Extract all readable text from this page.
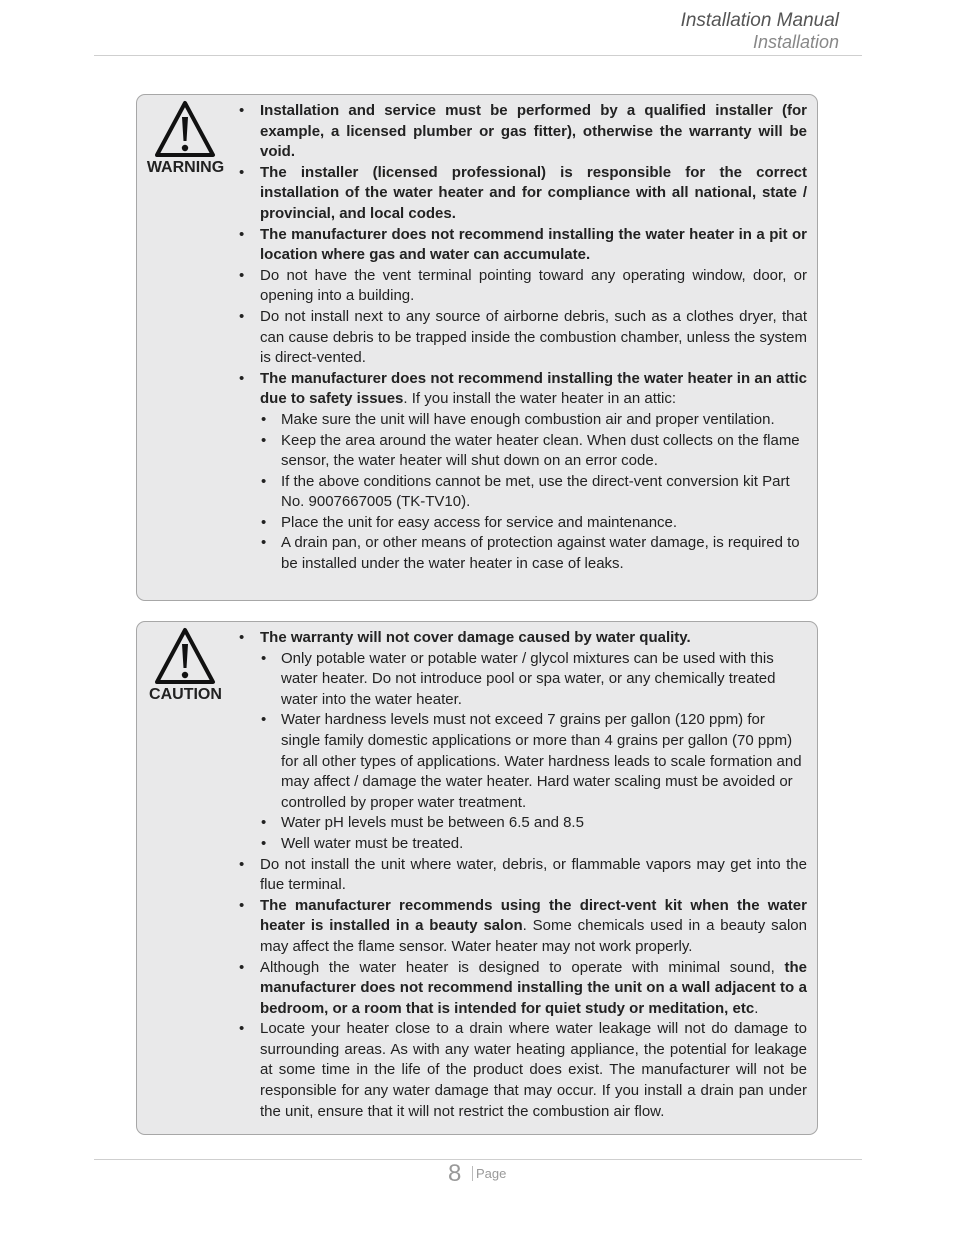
Installation Manual
Installation
WARNING
• Installation and service must be performed by a qualified installer (for example, a licensed plumber or gas fitter), otherwise the warranty will be void.
• The installer (licensed professional) is responsible for the correct installation of the water heater and for compliance with all national, state / provincial, and local codes.
• The manufacturer does not recommend installing the water heater in a pit or location where gas and water can accumulate.
• Do not have the vent terminal pointing toward any operating window, door, or opening into a building.
• Do not install next to any source of airborne debris, such as a clothes dryer, that can cause debris to be trapped inside the combustion chamber, unless the system is direct-vented.
• The manufacturer does not recommend installing the water heater in an attic due to safety issues. If you install the water heater in an attic:
• Make sure the unit will have enough combustion air and proper ventilation.
• Keep the area around the water heater clean. When dust collects on the flame sensor, the water heater will shut down on an error code.
• If the above conditions cannot be met, use the direct-vent conversion kit Part No. 9007667005 (TK-TV10).
• Place the unit for easy access for service and maintenance.
• A drain pan, or other means of protection against water damage, is required to be installed under the water heater in case of leaks.
CAUTION
• The warranty will not cover damage caused by water quality.
• Only potable water or potable water / glycol mixtures can be used with this water heater. Do not introduce pool or spa water, or any chemically treated water into the water heater.
• Water hardness levels must not exceed 7 grains per gallon (120 ppm) for single family domestic applications or more than 4 grains per gallon (70 ppm) for all other types of applications. Water hardness leads to scale formation and may affect / damage the water heater. Hard water scaling must be avoided or controlled by proper water treatment.
• Water pH levels must be between 6.5 and 8.5
• Well water must be treated.
• Do not install the unit where water, debris, or flammable vapors may get into the flue terminal.
• The manufacturer recommends using the direct-vent kit when the water heater is installed in a beauty salon. Some chemicals used in a beauty salon may affect the flame sensor. Water heater may not work properly.
• Although the water heater is designed to operate with minimal sound, the manufacturer does not recommend installing the unit on a wall adjacent to a bedroom, or a room that is intended for quiet study or meditation, etc.
• Locate your heater close to a drain where water leakage will not do damage to surrounding areas. As with any water heating appliance, the potential for leakage at some time in the life of the product does exist. The manufacturer will not be responsible for any water damage that may occur. If you install a drain pan under the unit, ensure that it will not restrict the combustion air flow.
8	Page
